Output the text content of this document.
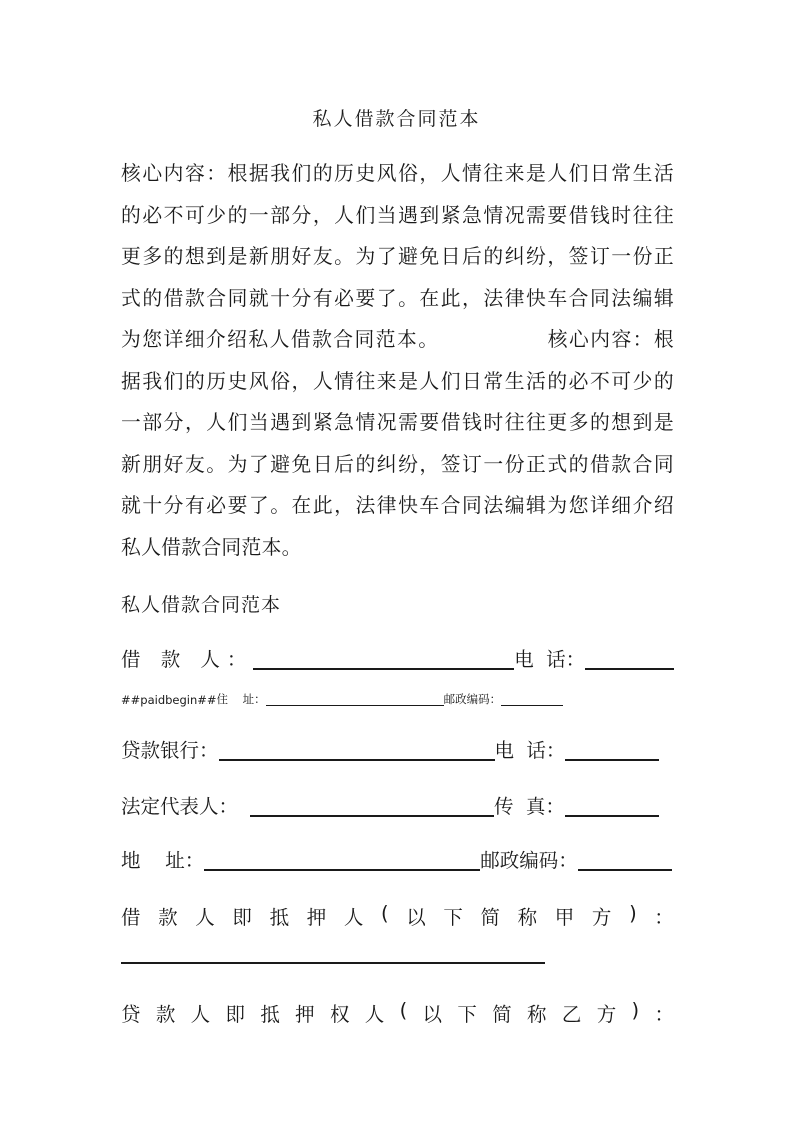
私人借款合同范本
核心内容：根据我们的历史风俗，人情往来是人们日常生活
的必不可少的一部分，人们当遇到紧急情况需要借钱时往往
更多的想到是新朋好友。为了避免日后的纠纷，签订一份正
式的借款合同就十分有必要了。在此，法律快车合同法编辑
为您详细介绍私人借款合同范本。              核心内容：根
据我们的历史风俗，人情往来是人们日常生活的必不可少的
一部分，人们当遇到紧急情况需要借钱时往往更多的想到是
新朋好友。为了避免日后的纠纷，签订一份正式的借款合同
就十分有必要了。在此，法律快车合同法编辑为您详细介绍
私人借款合同范本。
私人借款合同范本
借 款 人：	电  话：
##paidbegin## 住    址：	邮政编码：
贷款银行：	电  话：
法定代表人：	传  真：
地    址：	邮政编码：
借 款 人 即 抵 押 人 ( 以 下 简 称 甲 方 ) ：
贷 款 人 即 抵 押 权 人 ( 以 下 简 称 乙 方 ) ：
